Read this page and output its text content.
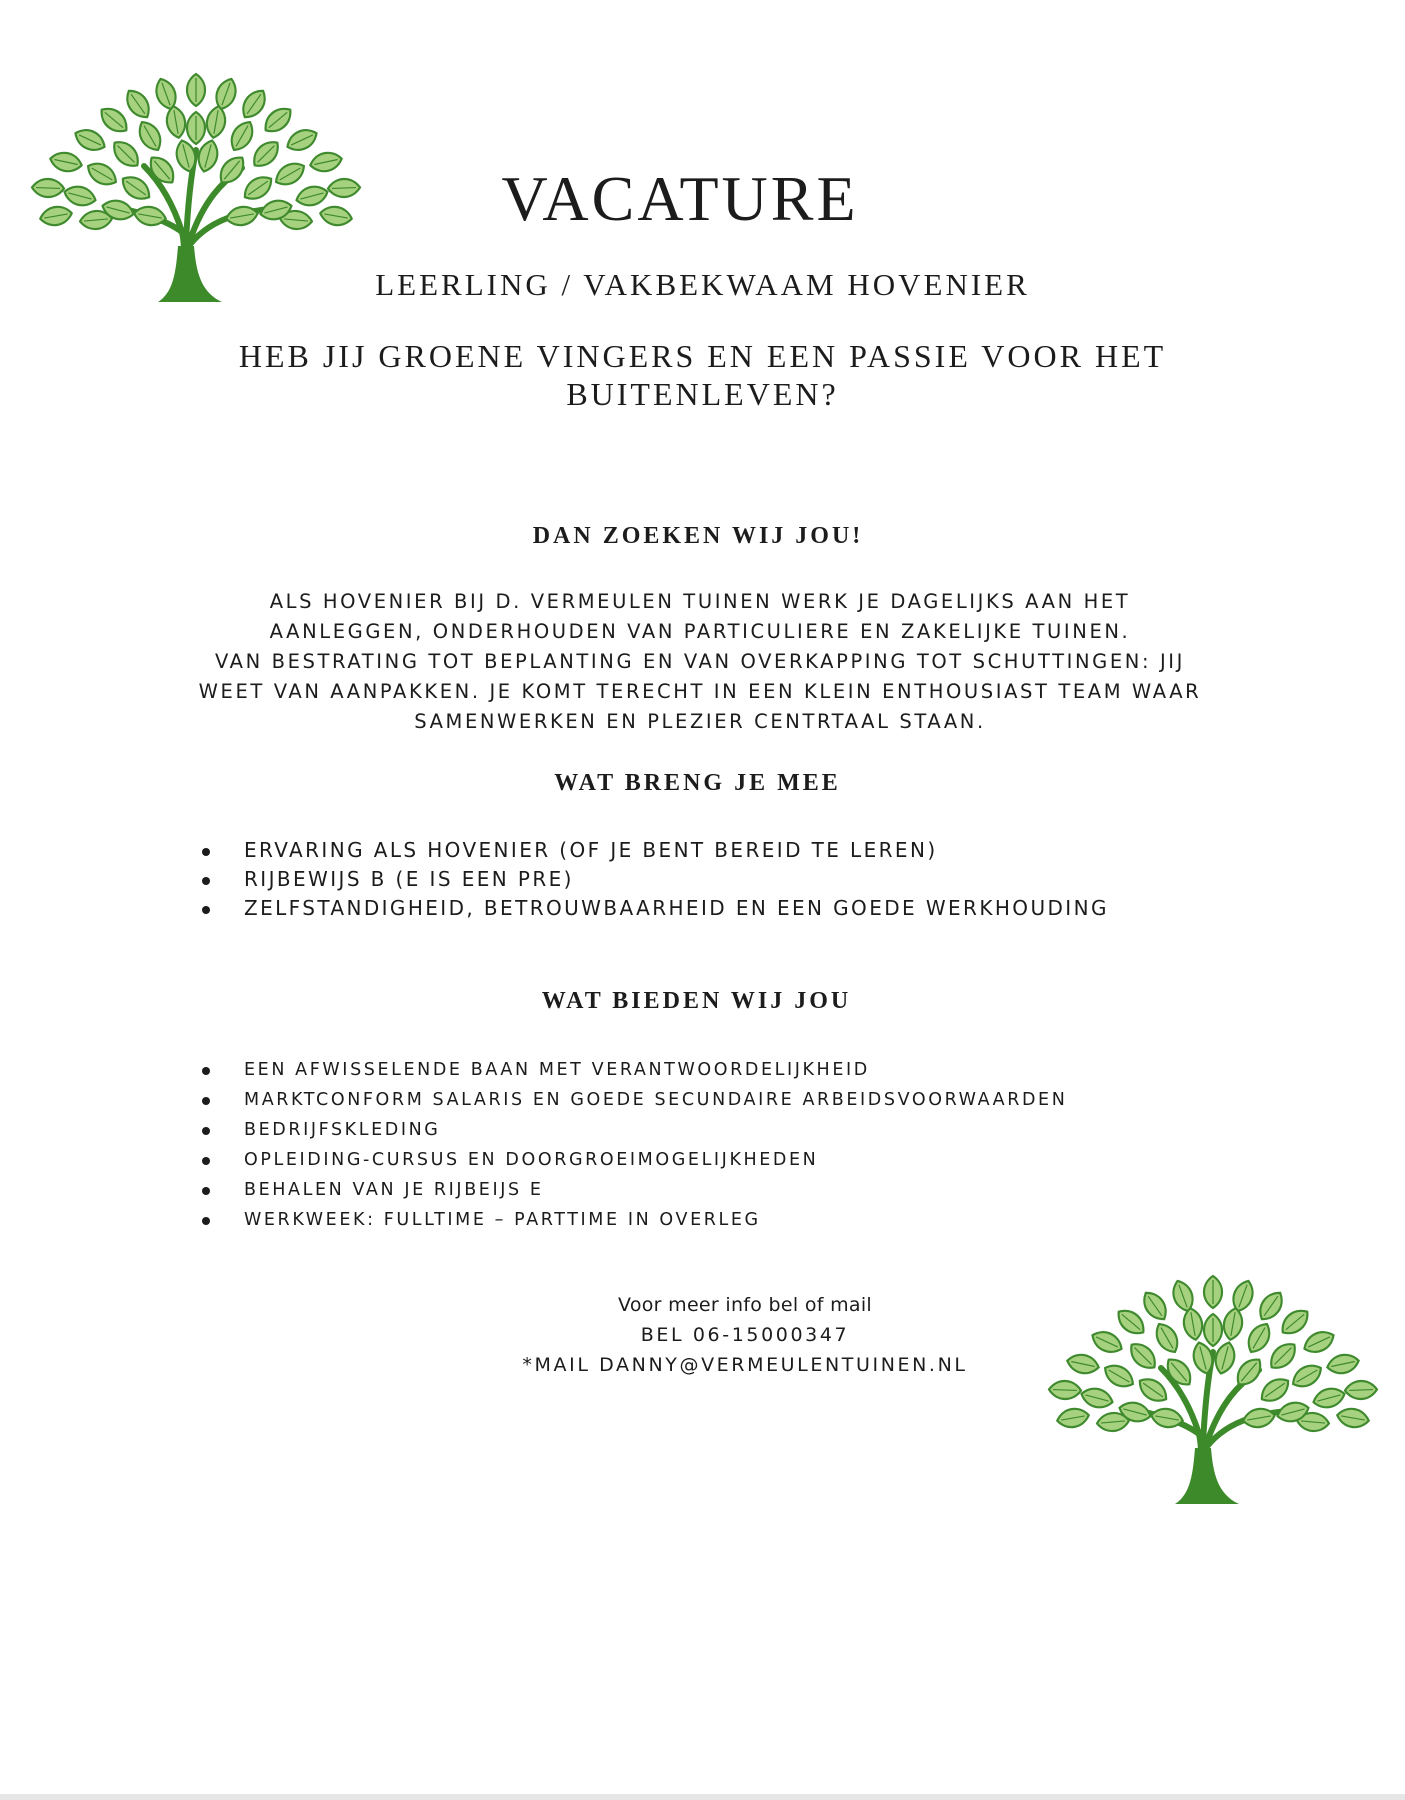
VACATURE
LEERLING / VAKBEKWAAM HOVENIER
HEB JIJ GROENE VINGERS EN EEN PASSIE VOOR HET BUITENLEVEN?
DAN ZOEKEN WIJ JOU!
ALS HOVENIER BIJ D. VERMEULEN TUINEN WERK JE DAGELIJKS AAN HET
AANLEGGEN, ONDERHOUDEN VAN PARTICULIERE EN ZAKELIJKE TUINEN.
VAN BESTRATING TOT BEPLANTING EN VAN OVERKAPPING TOT SCHUTTINGEN: JIJ
WEET VAN AANPAKKEN. JE KOMT TERECHT IN EEN KLEIN ENTHOUSIAST TEAM WAAR
SAMENWERKEN EN PLEZIER CENTRTAAL STAAN.
WAT BRENG JE MEE
ERVARING ALS HOVENIER (OF JE BENT BEREID TE LEREN)
RIJBEWIJS B (E IS EEN PRE)
ZELFSTANDIGHEID, BETROUWBAARHEID EN EEN GOEDE WERKHOUDING
WAT BIEDEN WIJ JOU
EEN AFWISSELENDE BAAN MET VERANTWOORDELIJKHEID
MARKTCONFORM SALARIS EN GOEDE SECUNDAIRE ARBEIDSVOORWAARDEN
BEDRIJFSKLEDING
OPLEIDING-CURSUS EN DOORGROEIMOGELIJKHEDEN
BEHALEN VAN JE RIJBEIJS E
WERKWEEK: FULLTIME – PARTTIME IN OVERLEG
Voor meer info bel of mail
BEL 06-15000347
*MAIL DANNY@VERMEULENTUINEN.NL
